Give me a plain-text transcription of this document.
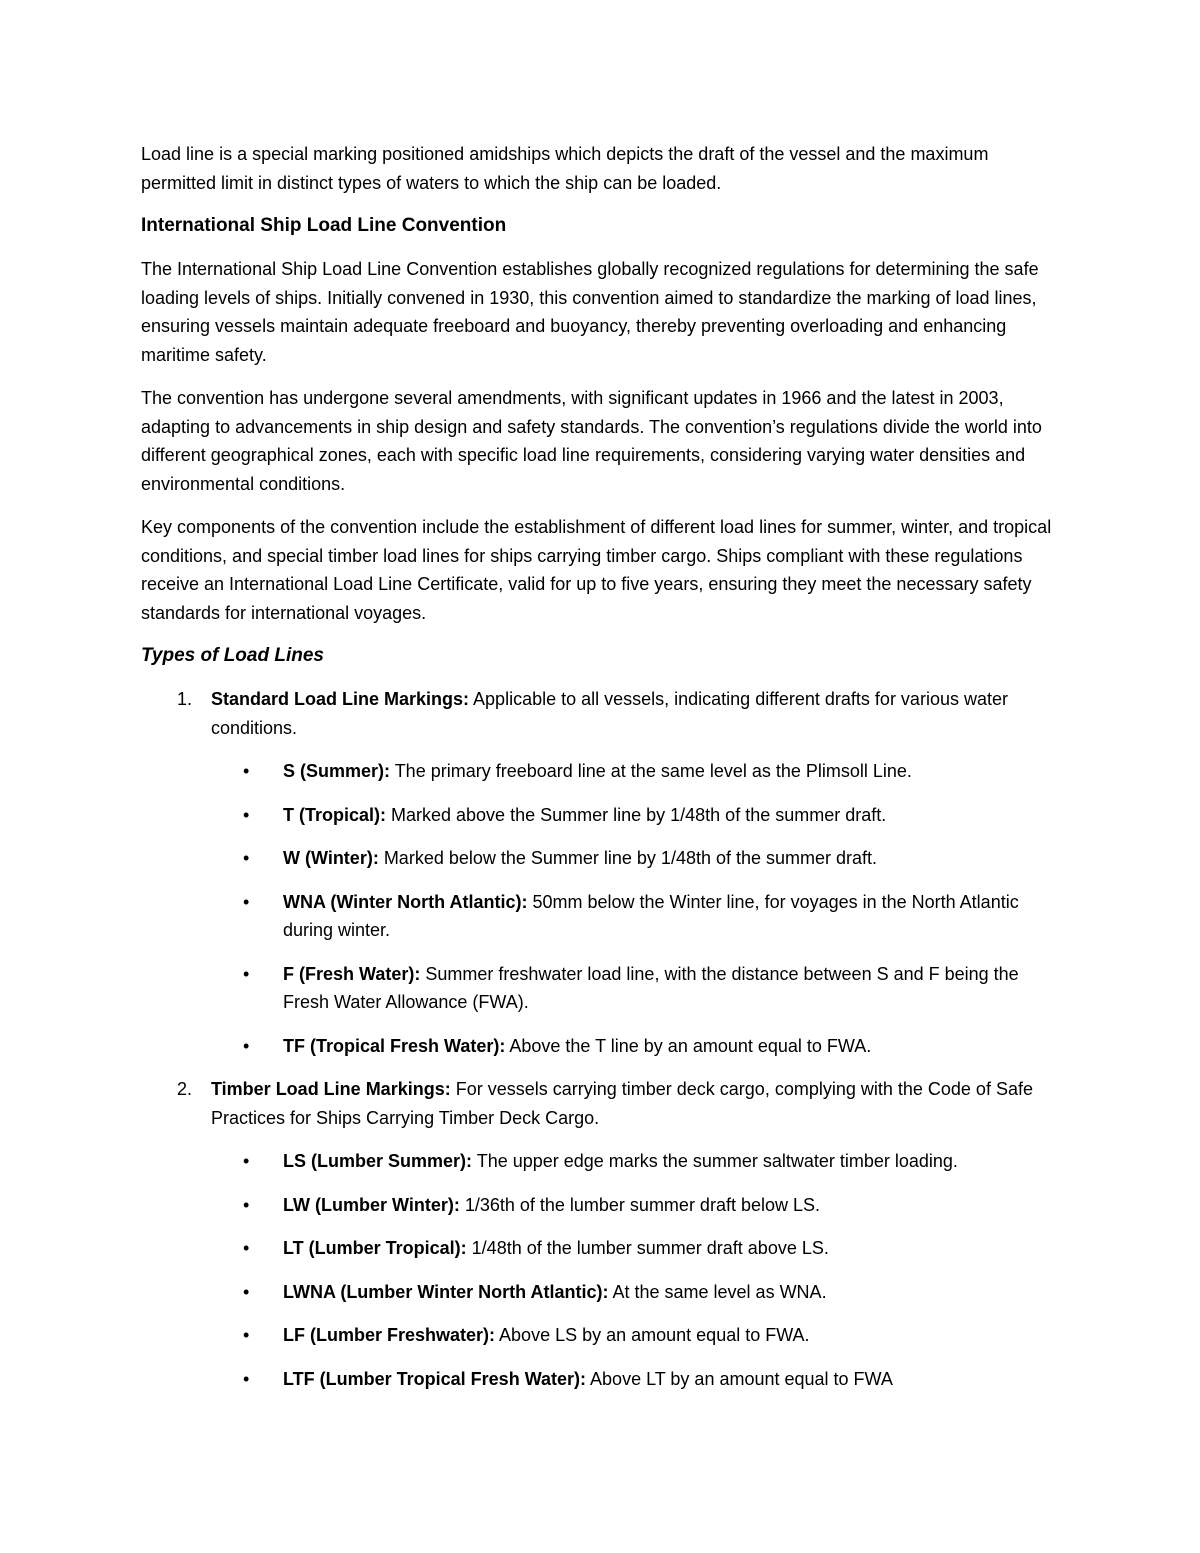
Load line is a special marking positioned amidships which depicts the draft of the vessel and the maximum permitted limit in distinct types of waters to which the ship can be loaded.

International Ship Load Line Convention

The International Ship Load Line Convention establishes globally recognized regulations for determining the safe loading levels of ships. Initially convened in 1930, this convention aimed to standardize the marking of load lines, ensuring vessels maintain adequate freeboard and buoyancy, thereby preventing overloading and enhancing maritime safety.

The convention has undergone several amendments, with significant updates in 1966 and the latest in 2003, adapting to advancements in ship design and safety standards. The convention’s regulations divide the world into different geographical zones, each with specific load line requirements, considering varying water densities and environmental conditions.

Key components of the convention include the establishment of different load lines for summer, winter, and tropical conditions, and special timber load lines for ships carrying timber cargo. Ships compliant with these regulations receive an International Load Line Certificate, valid for up to five years, ensuring they meet the necessary safety standards for international voyages.

Types of Load Lines
1. Standard Load Line Markings: Applicable to all vessels, indicating different drafts for various water conditions.
• S (Summer): The primary freeboard line at the same level as the Plimsoll Line.
• T (Tropical): Marked above the Summer line by 1/48th of the summer draft.
• W (Winter): Marked below the Summer line by 1/48th of the summer draft.
• WNA (Winter North Atlantic): 50mm below the Winter line, for voyages in the North Atlantic during winter.
• F (Fresh Water): Summer freshwater load line, with the distance between S and F being the Fresh Water Allowance (FWA).
• TF (Tropical Fresh Water): Above the T line by an amount equal to FWA.
2. Timber Load Line Markings: For vessels carrying timber deck cargo, complying with the Code of Safe Practices for Ships Carrying Timber Deck Cargo.
• LS (Lumber Summer): The upper edge marks the summer saltwater timber loading.
• LW (Lumber Winter): 1/36th of the lumber summer draft below LS.
• LT (Lumber Tropical): 1/48th of the lumber summer draft above LS.
• LWNA (Lumber Winter North Atlantic): At the same level as WNA.
• LF (Lumber Freshwater): Above LS by an amount equal to FWA.
• LTF (Lumber Tropical Fresh Water): Above LT by an amount equal to FWA
